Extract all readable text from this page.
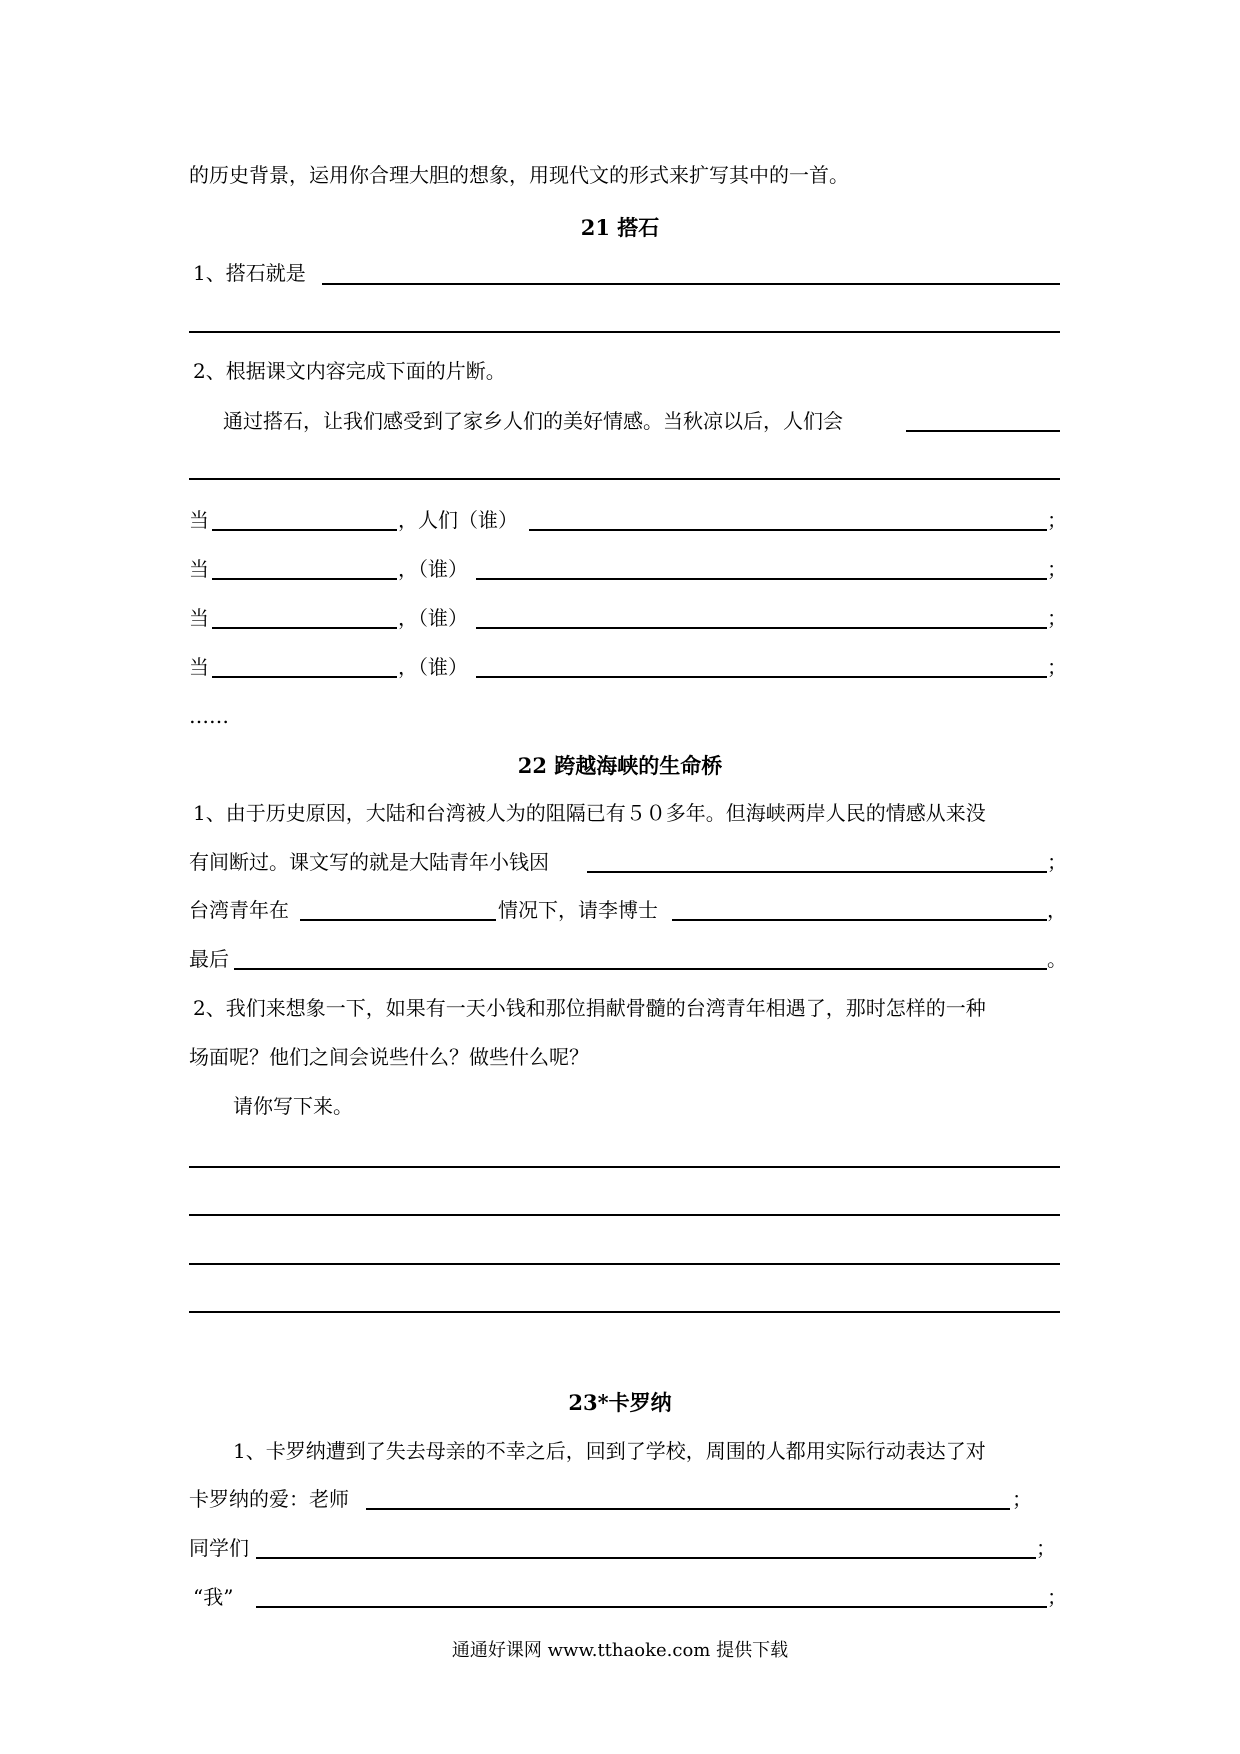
的历史背景，运用你合理大胆的想象，用现代文的形式来扩写其中的一首。
21 搭石
1、搭石就是
2、根据课文内容完成下面的片断。
通过搭石，让我们感受到了家乡人们的美好情感。当秋凉以后，人们会
当	，人们（谁）	；
当	，（谁）	；
当	，（谁）	；
当	，（谁）	；
……
22 跨越海峡的生命桥
1、由于历史原因，大陆和台湾被人为的阻隔已有５０多年。但海峡两岸人民的情感从来没
有间断过。课文写的就是大陆青年小钱因	；
台湾青年在	情况下，请李博士	，
最后	。
2、我们来想象一下，如果有一天小钱和那位捐献骨髓的台湾青年相遇了，那时怎样的一种
场面呢？他们之间会说些什么？做些什么呢？
请你写下来。
23*卡罗纳
1、卡罗纳遭到了失去母亲的不幸之后，回到了学校，周围的人都用实际行动表达了对
卡罗纳的爱：老师	；
同学们	；
“我”	；
通通好课网 www.tthaoke.com 提供下载
